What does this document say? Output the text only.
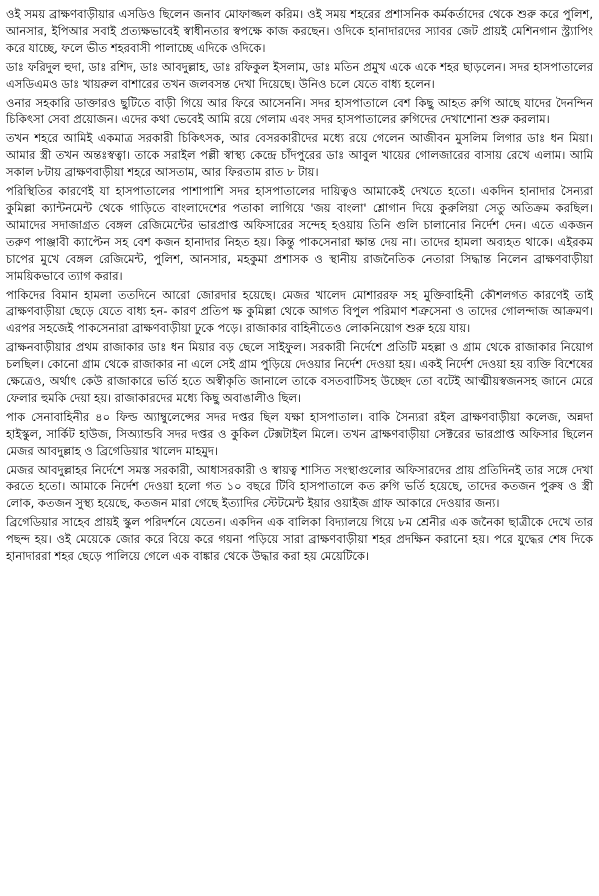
ওই সময় ব্রাক্ষণবাড়ীয়ার এসডিও ছিলেন জনাব মোফাজ্জল করিম। ওই সময় শহরের প্রশাসনিক কর্মকর্তাদের থেকে শুরু করে পুলিশ, আনসার, ইপিআর সবাই প্রত্যক্ষভাবেই স্বাধীনতার স্বপক্ষে কাজ করছেন। ওদিকে হানাদারদের স্যাবর জেট প্রায়ই মেশিনগান স্ট্র্যাপিং করে যাচ্ছে, ফলে ভীত শহরবাসী পালাচ্ছে এদিকে ওদিকে।

ডাঃ ফরিদুল হুদা, ডাঃ রশিদ, ডাঃ আবদুল্লাহ, ডাঃ রফিকুল ইসলাম, ডাঃ মতিন প্রমুখ একে একে শহর ছাড়লেন। সদর হাসপাতালের এসডিএমও ডাঃ খায়রুল বাশারের তখন জলবসন্ত দেখা দিয়েছে। উনিও চলে যেতে বাধ্য হলেন।

ওনার সহকারি ডাক্তারও ছুটিতে বাড়ী গিয়ে আর ফিরে আসেননি। সদর হাসপাতালে বেশ কিছু আহত রুগি আছে যাদের দৈনন্দিন চিকিৎসা সেবা প্রয়োজন। এদের কথা ভেবেই আমি রয়ে গেলাম এবং সদর হাসপাতালের রুগিদের দেখাশোনা শুরু করলাম।

তখন শহরে আমিই একমাত্র সরকারী চিকিৎসক, আর বেসরকারীদের মধ্যে রয়ে গেলেন আজীবন মুসলিম লিগার ডাঃ ধন মিয়া। আমার স্ত্রী তখন অন্তঃস্বত্বা। তাকে সরাইল পল্লী স্বাস্থ্য কেন্দ্রে চাঁদপুরের ডাঃ আবুল খায়ের গোলজারের বাসায় রেখে এলাম। আমি সকাল ৮টায় ব্রাক্ষণবাড়ীয়া শহরে আসতাম, আর ফিরতাম রাত ৮ টায়।

পরিস্থিতির কারণেই যা হাসপাতালের পাশাপাশি সদর হাসপাতালের দায়িত্বও আমাকেই দেখতে হতো। একদিন হানাদার সৈন্যরা কুমিল্লা ক্যান্টনমেন্ট থেকে গাড়িতে বাংলাদেশের পতাকা লাগিয়ে 'জয় বাংলা' শ্লোগান দিয়ে কুরুলিয়া সেতু অতিক্রম করছিল। আমাদের সদাজাগ্রত বেঙ্গল রেজিমেন্টের ভারপ্রাপ্ত অফিসারের সন্দেহ হওয়ায় তিনি গুলি চালানোর নির্দেশ দেন। এতে একজন তরুণ পাঞ্জাবী ক্যাপ্টেন সহ বেশ কজন হানাদার নিহত হয়। কিন্তু পাকসেনারা ক্ষান্ত দেয় না। তাদের হামলা অব্যহত থাকে। এইরকম চাপের মুখে বেঙ্গল রেজিমেন্ট, পুলিশ, আনসার, মহকুমা প্রশাসক ও স্থানীয় রাজনৈতিক নেতারা সিদ্ধান্ত নিলেন ব্রাক্ষণবাড়ীয়া সাময়িকভাবে ত্যাগ করার।

পাকিদের বিমান হামলা ততদিনে আরো জোরদার হয়েছে। মেজর খালেদ মোশাররফ সহ মুক্তিবাহিনী কৌশলগত কারণেই তাই ব্রাক্ষণবাড়ীয়া ছেড়ে যেতে বাধ্য হন- কারণ প্রতিপ ক্ষ কুমিল্লা থেকে আগত বিপুল পরিমাণ শত্রুসেনা ও তাদের গোলন্দাজ আক্রমণ। এরপর সহজেই পাকসেনারা ব্রাক্ষণবাড়ীয়া ঢুকে পড়ে। রাজাকার বাহিনীতেও লোকনিয়োগ শুরু হয়ে যায়।

ব্রাক্ষনবাড়ীয়ার প্রথম রাজাকার ডাঃ ধন মিয়ার বড় ছেলে সাইফুল। সরকারী নির্দেশে প্রতিটি মহল্লা ও গ্রাম থেকে রাজাকার নিয়োগ চলছিল। কোনো গ্রাম থেকে রাজাকার না এলে সেই গ্রাম পুড়িয়ে দেওয়ার নির্দেশ দেওয়া হয়। একই নির্দেশ দেওয়া হয় ব্যক্তি বিশেষের ক্ষেত্রেও, অর্থাৎ কেউ রাজাকারে ভর্তি হতে অস্বীকৃতি জানালে তাকে বসতবাটিসহ উচ্ছেদ তো বটেই আত্মীয়স্বজনসহ জানে মেরে ফেলার হুমকি দেয়া হয়। রাজাকারদের মধ্যে কিছু অবাঙালীও ছিল।

পাক সেনাবাহিনীর ৪০ ফিল্ড অ্যাম্বুলেন্সের সদর দপ্তর ছিল যক্ষা হাসপাতাল। বাকি সৈন্যরা রইল ব্রাক্ষণবাড়ীয়া কলেজ, অন্নদা হাইস্কুল, সার্কিট হাউজ, সিঅ্যান্ডবি সদর দপ্তর ও কুকিল টেক্সটাইল মিলে। তখন ব্রাক্ষণবাড়ীয়া সেক্টরের ভারপ্রাপ্ত অফিসার ছিলেন মেজর আবদুল্লাহ ও ব্রিগেডিয়ার খালেদ মাহমুদ।

মেজর আবদুল্লাহর নির্দেশে সমস্ত সরকারী, আধাসরকারী ও স্বায়ত্ব শাসিত সংস্থাগুলোর অফিসারদের প্রায় প্রতিদিনই তার সঙ্গে দেখা করতে হতো। আমাকে নির্দেশ দেওয়া হলো গত ১০ বছরে টিবি হাসপাতালে কত রুগি ভর্তি হয়েছে, তাদের কতজন পুরুষ ও স্ত্রী লোক, কতজন সুস্থ্য হয়েছে, কতজন মারা গেছে ইত্যাদির স্টেটমেন্ট ইয়ার ওয়াইজ গ্রাফ আকারে দেওয়ার জন্য।

ব্রিগেডিয়ার সাহেব প্রায়ই স্কুল পরিদর্শনে যেতেন। একদিন এক বালিকা বিদ্যালয়ে গিয়ে ৮ম শ্রেনীর এক জনৈকা ছাত্রীকে দেখে তার পছন্দ হয়। ওই মেয়েকে জোর করে বিয়ে করে গয়না পড়িয়ে সারা ব্রাক্ষণবাড়ীয়া শহর প্রদক্ষিন করানো হয়। পরে যুদ্ধের শেষ দিকে হানাদাররা শহর ছেড়ে পালিয়ে গেলে এক বাঙ্কার থেকে উদ্ধার করা হয় মেয়েটিকে।
